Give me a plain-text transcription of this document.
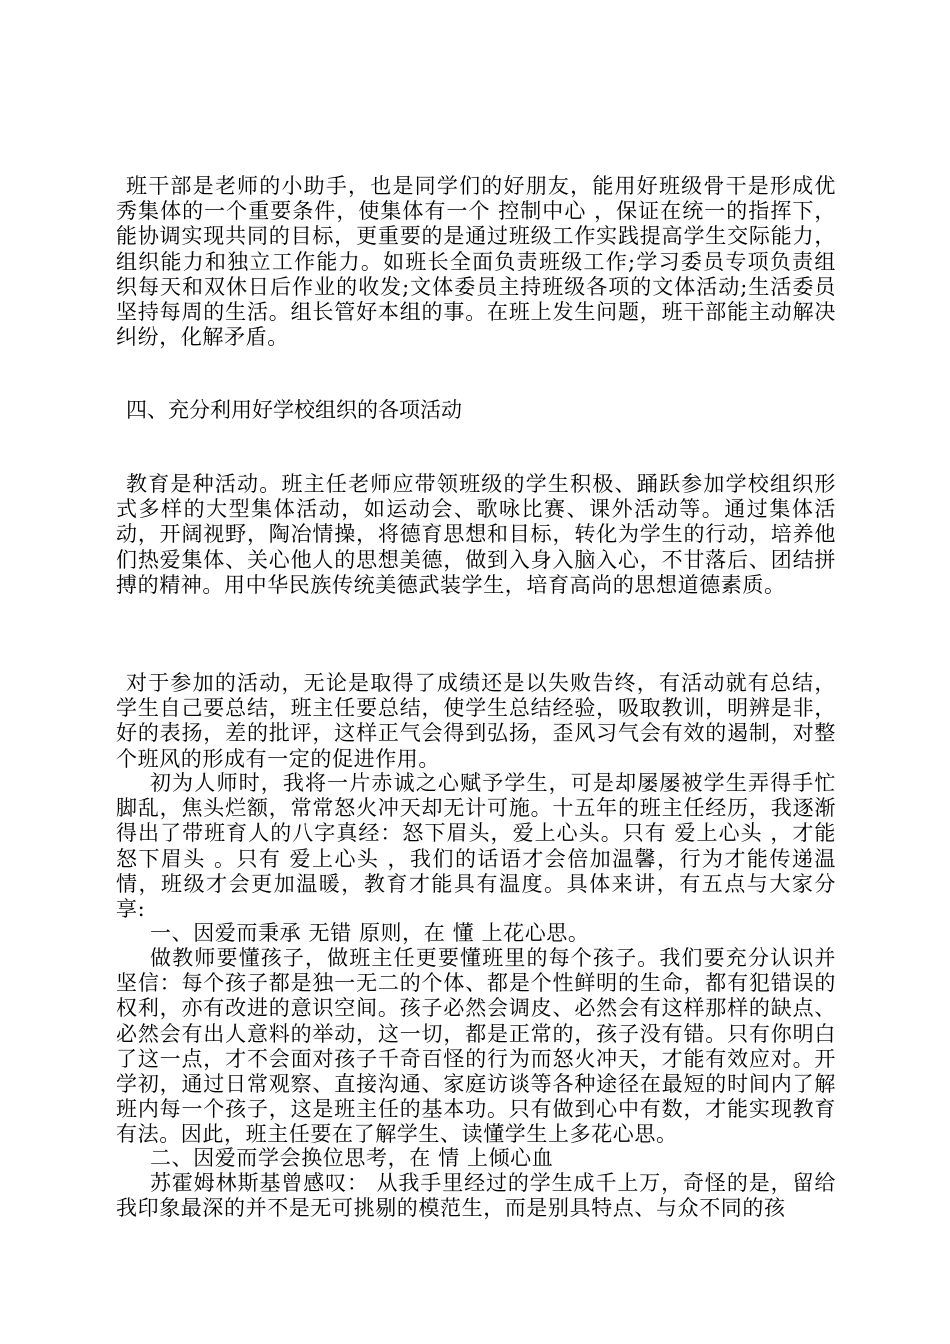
班干部是老师的小助手，也是同学们的好朋友，能用好班级骨干是形成优秀集体的一个重要条件，使集体有一个 控制中心 ，保证在统一的指挥下，能协调实现共同的目标，更重要的是通过班级工作实践提高学生交际能力，组织能力和独立工作能力。如班长全面负责班级工作;学习委员专项负责组织每天和双休日后作业的收发;文体委员主持班级各项的文体活动;生活委员坚持每周的生活。组长管好本组的事。在班上发生问题，班干部能主动解决纠纷，化解矛盾。

四、充分利用好学校组织的各项活动

教育是种活动。班主任老师应带领班级的学生积极、踊跃参加学校组织形式多样的大型集体活动，如运动会、歌咏比赛、课外活动等。通过集体活动，开阔视野，陶冶情操，将德育思想和目标，转化为学生的行动，培养他们热爱集体、关心他人的思想美德，做到入身入脑入心，不甘落后、团结拼搏的精神。用中华民族传统美德武装学生，培育高尚的思想道德素质。

对于参加的活动，无论是取得了成绩还是以失败告终，有活动就有总结，学生自己要总结，班主任要总结，使学生总结经验，吸取教训，明辨是非，好的表扬，差的批评，这样正气会得到弘扬，歪风习气会有效的遏制，对整个班风的形成有一定的促进作用。

初为人师时，我将一片赤诚之心赋予学生，可是却屡屡被学生弄得手忙脚乱，焦头烂额，常常怒火冲天却无计可施。十五年的班主任经历，我逐渐得出了带班育人的八字真经：怒下眉头，爱上心头。只有 爱上心头 ，才能 怒下眉头 。只有 爱上心头 ，我们的话语才会倍加温馨，行为才能传递温情，班级才会更加温暖，教育才能具有温度。具体来讲，有五点与大家分享:

一、因爱而秉承 无错 原则，在 懂 上花心思。

做教师要懂孩子，做班主任更要懂班里的每个孩子。我们要充分认识并坚信：每个孩子都是独一无二的个体、都是个性鲜明的生命，都有犯错误的权利，亦有改进的意识空间。孩子必然会调皮、必然会有这样那样的缺点、必然会有出人意料的举动，这一切，都是正常的，孩子没有错。只有你明白了这一点，才不会面对孩子千奇百怪的行为而怒火冲天，才能有效应对。开学初，通过日常观察、直接沟通、家庭访谈等各种途径在最短的时间内了解班内每一个孩子，这是班主任的基本功。只有做到心中有数，才能实现教育有法。因此，班主任要在了解学生、读懂学生上多花心思。

二、因爱而学会换位思考，在 情 上倾心血

苏霍姆林斯基曾感叹： 从我手里经过的学生成千上万，奇怪的是，留给我印象最深的并不是无可挑剔的模范生，而是别具特点、与众不同的孩
